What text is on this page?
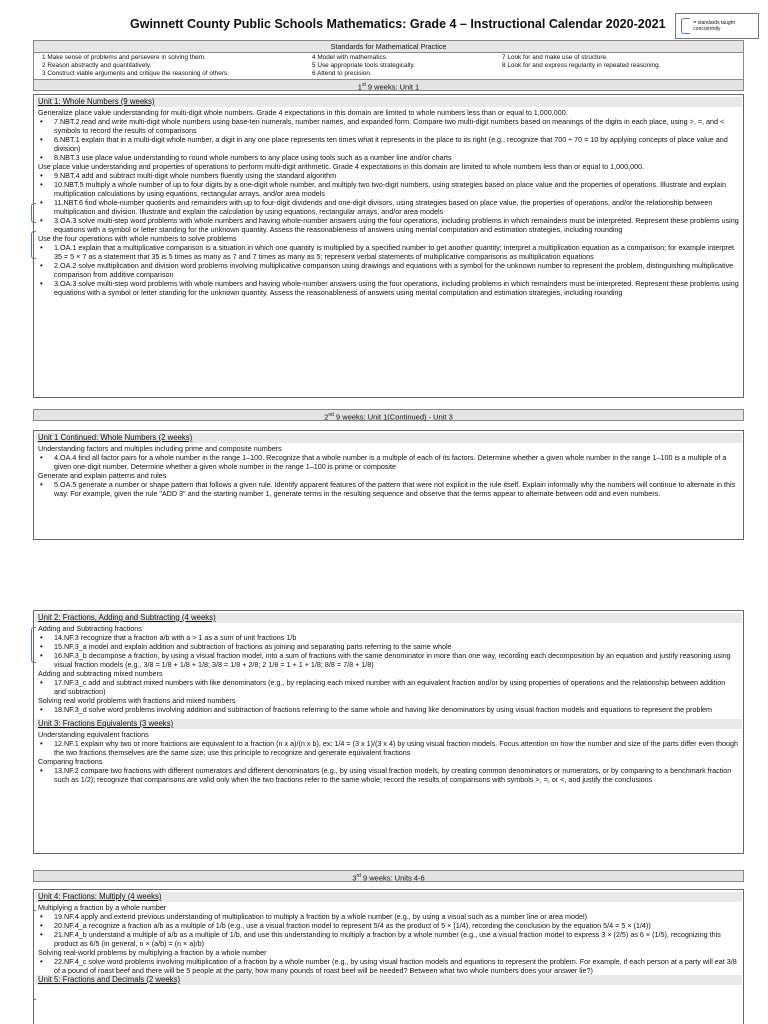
Gwinnett County Public Schools Mathematics: Grade 4 – Instructional Calendar 2020-2021	= standards taught concurrently
Standards for Mathematical Practice
1 Make sense of problems and persevere in solving them.	4 Model with mathematics.	7 Look for and make use of structure.
2 Reason abstractly and quantitatively.	5 Use appropriate tools strategically.	8 Look for and express regularity in repeated reasoning.
3 Construct viable arguments and critique the reasoning of others.	6 Attend to precision.
1st 9 weeks: Unit 1
Unit 1: Whole Numbers (9 weeks)
Generalize place value understanding for multi-digit whole numbers. Grade 4 expectations in this domain are limited to whole numbers less than or equal to 1,000,000.
• 7.NBT.2 read and write multi-digit whole numbers using base-ten numerals, number names, and expanded form. Compare two multi-digit numbers based on meanings of the digits in each place, using >, =, and < symbols to record the results of comparisons
• 6.NBT.1 explain that in a multi-digit whole number, a digit in any one place represents ten times what it represents in the place to its right (e.g., recognize that 700 ÷ 70 = 10 by applying concepts of place value and division)
• 8.NBT.3 use place value understanding to round whole numbers to any place using tools such as a number line and/or charts
Use place value understanding and properties of operations to perform multi-digit arithmetic. Grade 4 expectations in this domain are limited to whole numbers less than or equal to 1,000,000.
• 9.NBT.4 add and subtract multi-digit whole numbers fluently using the standard algorithm
• 10.NBT.5 multiply a whole number of up to four digits by a one-digit whole number, and multiply two two-digit numbers, using strategies based on place value and the properties of operations. Illustrate and explain multiplication calculations by using equations, rectangular arrays, and/or area models
• 11.NBT.6 find whole-number quotients and remainders with up to four-digit dividends and one-digit divisors, using strategies based on place value, the properties of operations, and/or the relationship between multiplication and division. Illustrate and explain the calculation by using equations, rectangular arrays, and/or area models
• 3.OA.3 solve multi-step word problems with whole numbers and having whole-number answers using the four operations, including problems in which remainders must be interpreted. Represent these problems using equations with a symbol or letter standing for the unknown quantity. Assess the reasonableness of answers using mental computation and estimation strategies, including rounding
Use the four operations with whole numbers to solve problems
• 1.OA.1 explain that a multiplicative comparison is a situation in which one quantity is multiplied by a specified number to get another quantity; interpret a multiplication equation as a comparison; for example interpret 35 = 5 × 7 as a statement that 35 is 5 times as many as 7 and 7 times as many as 5; represent verbal statements of multiplicative comparisons as multiplication equations
• 2.OA.2 solve multiplication and division word problems involving multiplicative comparison using drawings and equations with a symbol for the unknown number to represent the problem, distinguishing multiplicative comparison from additive comparison
• 3.OA.3 solve multi-step word problems with whole numbers and having whole-number answers using the four operations, including problems in which remainders must be interpreted. Represent these problems using equations with a symbol or letter standing for the unknown quantity. Assess the reasonableness of answers using mental computation and estimation strategies, including rounding
2nd 9 weeks: Unit 1(Continued) - Unit 3
Unit 1 Continued: Whole Numbers (2 weeks)
Understanding factors and multiples including prime and composite numbers
• 4.OA.4 find all factor pairs for a whole number in the range 1–100. Recognize that a whole number is a multiple of each of its factors. Determine whether a given whole number in the range 1–100 is a multiple of a given one-digit number. Determine whether a given whole number in the range 1–100 is prime or composite
Generate and explain patterns and rules
• 5.OA.5 generate a number or shape pattern that follows a given rule. Identify apparent features of the pattern that were not explicit in the rule itself. Explain informally why the numbers will continue to alternate in this way. For example, given the rule "ADD 3" and the starting number 1, generate terms in the resulting sequence and observe that the terms appear to alternate between odd and even numbers.
Unit 2: Fractions, Adding and Subtracting (4 weeks)
Adding and Subtracting fractions
• 14.NF.3 recognize that a fraction a/b with a > 1 as a sum of unit fractions 1/b
• 15.NF.3_a model and explain addition and subtraction of fractions as joining and separating parts referring to the same whole
• 16.NF.3_b decompose a fraction, by using a visual fraction model, into a sum of fractions with the same denominator in more than one way, recording each decomposition by an equation and justify reasoning using visual fraction models (e.g., 3/8 = 1/8 + 1/8 + 1/8; 3/8 = 1/8 + 2/8; 2 1/8 = 1 + 1 + 1/8; 8/8 = 7/8 + 1/8)
Adding and subtracting mixed numbers
• 17.NF.3_c add and subtract mixed numbers with like denominators (e.g., by replacing each mixed number with an equivalent fraction and/or by using properties of operations and the relationship between addition and subtraction)
Solving real world problems with fractions and mixed numbers
• 18.NF.3_d solve word problems involving addition and subtraction of fractions referring to the same whole and having like denominators by using visual fraction models and equations to represent the problem
Unit 3: Fractions Equivalents (3 weeks)
Understanding equivalent fractions
• 12.NF.1 explain why two or more fractions are equivalent to a fraction (n x a)/(n x b), ex: 1/4 = (3 x 1)/(3 x 4) by using visual fraction models. Focus attention on how the number and size of the parts differ even though the two fractions themselves are the same size; use this principle to recognize and generate equivalent fractions
Comparing fractions
• 13.NF.2 compare two fractions with different numerators and different denominators (e.g., by using visual fraction models, by creating common denominators or numerators, or by comparing to a benchmark fraction such as 1/2); recognize that comparisons are valid only when the two fractions refer to the same whole; record the results of comparisons with symbols >, =, or <, and justify the conclusions
3rd 9 weeks: Units 4-6
Unit 4: Fractions: Multiply (4 weeks)
Multiplying a fraction by a whole number
• 19.NF.4 apply and extend previous understanding of multiplication to multiply a fraction by a whole number (e.g., by using a visual such as a number line or area model)
• 20.NF.4_a recognize a fraction a/b as a multiple of 1/b (e.g., use a visual fraction model to represent 5/4 as the product of 5 × (1/4), recording the conclusion by the equation 5/4 = 5 × (1/4))
• 21.NF.4_b understand a multiple of a/b as a multiple of 1/b, and use this understanding to multiply a fraction by a whole number (e.g., use a visual fraction model to express 3 × (2/5) as 6 × (1/5), recognizing this product as 6/5 (in general, n × (a/b) = (n × a)/b)
Solving real-world problems by multiplying a fraction by a whole number
• 22.NF.4_c solve word problems involving multiplication of a fraction by a whole number (e.g., by using visual fraction models and equations to represent the problem. For example, if each person at a party will eat 3/8 of a pound of roast beef and there will be 5 people at the party, how many pounds of roast beef will be needed? Between what two whole numbers does your answer lie?)
Unit 5: Fractions and Decimals (2 weeks)
